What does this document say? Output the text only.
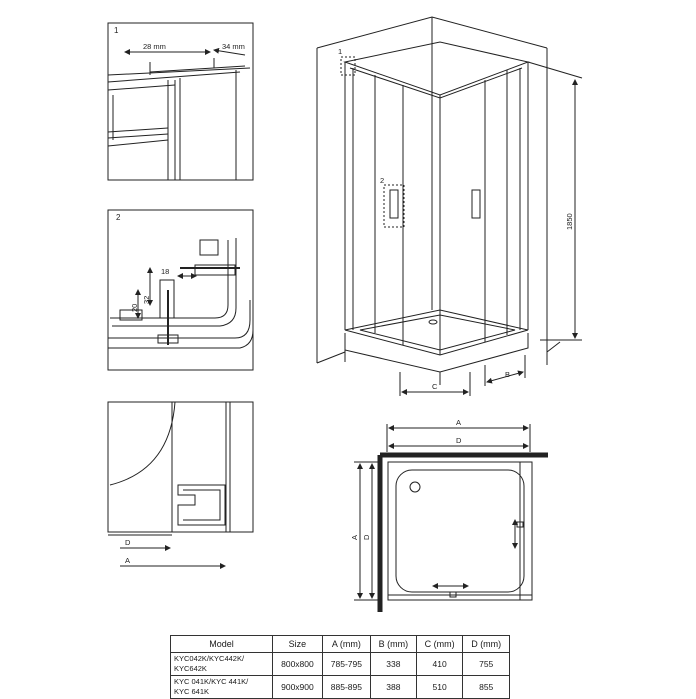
1
28 mm	34 mm
2
18
32
20
D
A
1
2
1850
C
B
A
D
A D
Model	Size	A (mm)	B (mm)	C (mm)	D (mm)
KYC042K/KYC442K/
KYC642K	800x800	785-795	338	410	755
KYC 041K/KYC 441K/
KYC 641K	900x900	885-895	388	510	855
